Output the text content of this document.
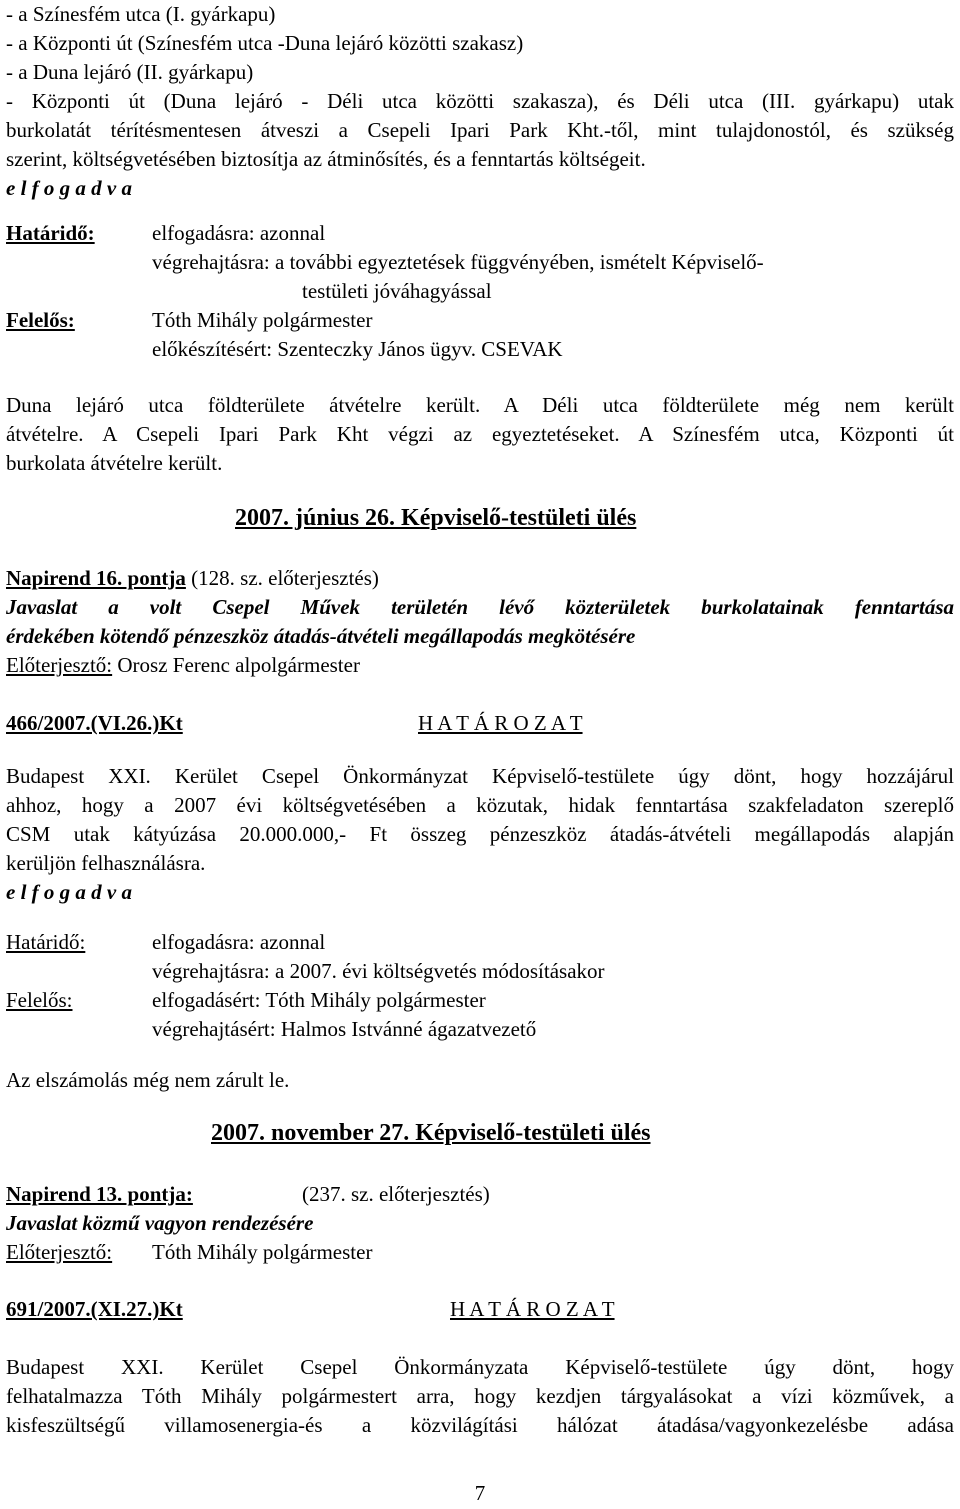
- a Színesfém utca (I. gyárkapu)

- a Központi út (Színesfém utca -Duna lejáró közötti szakasz)

- a Duna lejáró (II. gyárkapu)

- Központi út (Duna lejáró - Déli utca közötti szakasza), és Déli utca (III. gyárkapu) utak

burkolatát térítésmentesen átveszi a Csepeli Ipari Park Kht.-től, mint tulajdonostól, és szükség

szerint, költségvetésében biztosítja az átminősítés, és a fenntartás költségeit.

e l f o g a d v a

Határidő:	elfogadásra: azonnal
végrehajtásra: a további egyeztetések függvényében, ismételt Képviselő-
testületi jóváhagyással
Felelős:	Tóth Mihály polgármester
előkészítésért: Szenteczky János ügyv. CSEVAK

Duna lejáró utca földterülete átvételre került. A Déli utca földterülete még nem került

átvételre. A Csepeli Ipari Park Kht végzi az egyeztetéseket. A Színesfém utca, Központi út

burkolata átvételre került.

2007. június 26. Képviselő-testületi ülés
Napirend 16. pontja (128. sz. előterjesztés)

Javaslat a volt Csepel Művek területén lévő közterületek burkolatainak fenntartása

érdekében kötendő pénzeszköz átadás-átvételi megállapodás megkötésére

Előterjesztő: Orosz Ferenc alpolgármester
466/2007.(VI.26.)Kt	H A T Á R O Z A T

Budapest XXI. Kerület Csepel Önkormányzat Képviselő-testülete úgy dönt, hogy hozzájárul

ahhoz, hogy a 2007 évi költségvetésében a közutak, hidak fenntartása szakfeladaton szereplő

CSM utak kátyúzása 20.000.000,- Ft összeg pénzeszköz átadás-átvételi megállapodás alapján

kerüljön felhasználásra.

e l f o g a d v a

Határidő:	elfogadásra: azonnal
végrehajtásra: a 2007. évi költségvetés módosításakor
Felelős:	elfogadásért: Tóth Mihály polgármester
végrehajtásért: Halmos Istvánné ágazatvezető
Az elszámolás még nem zárult le.
2007. november 27. Képviselő-testületi ülés
Napirend 13. pontja:	(237. sz. előterjesztés)
Javaslat közmű vagyon rendezésére
Előterjesztő: Tóth Mihály polgármester
691/2007.(XI.27.)Kt	H A T Á R O Z A T

Budapest XXI. Kerület Csepel Önkormányzata Képviselő-testülete úgy dönt, hogy

felhatalmazza Tóth Mihály polgármestert arra, hogy kezdjen tárgyalásokat a vízi közművek, a

kisfeszültségű villamosenergia-és a közvilágítási hálózat átadása/vagyonkezelésbe adása

7
